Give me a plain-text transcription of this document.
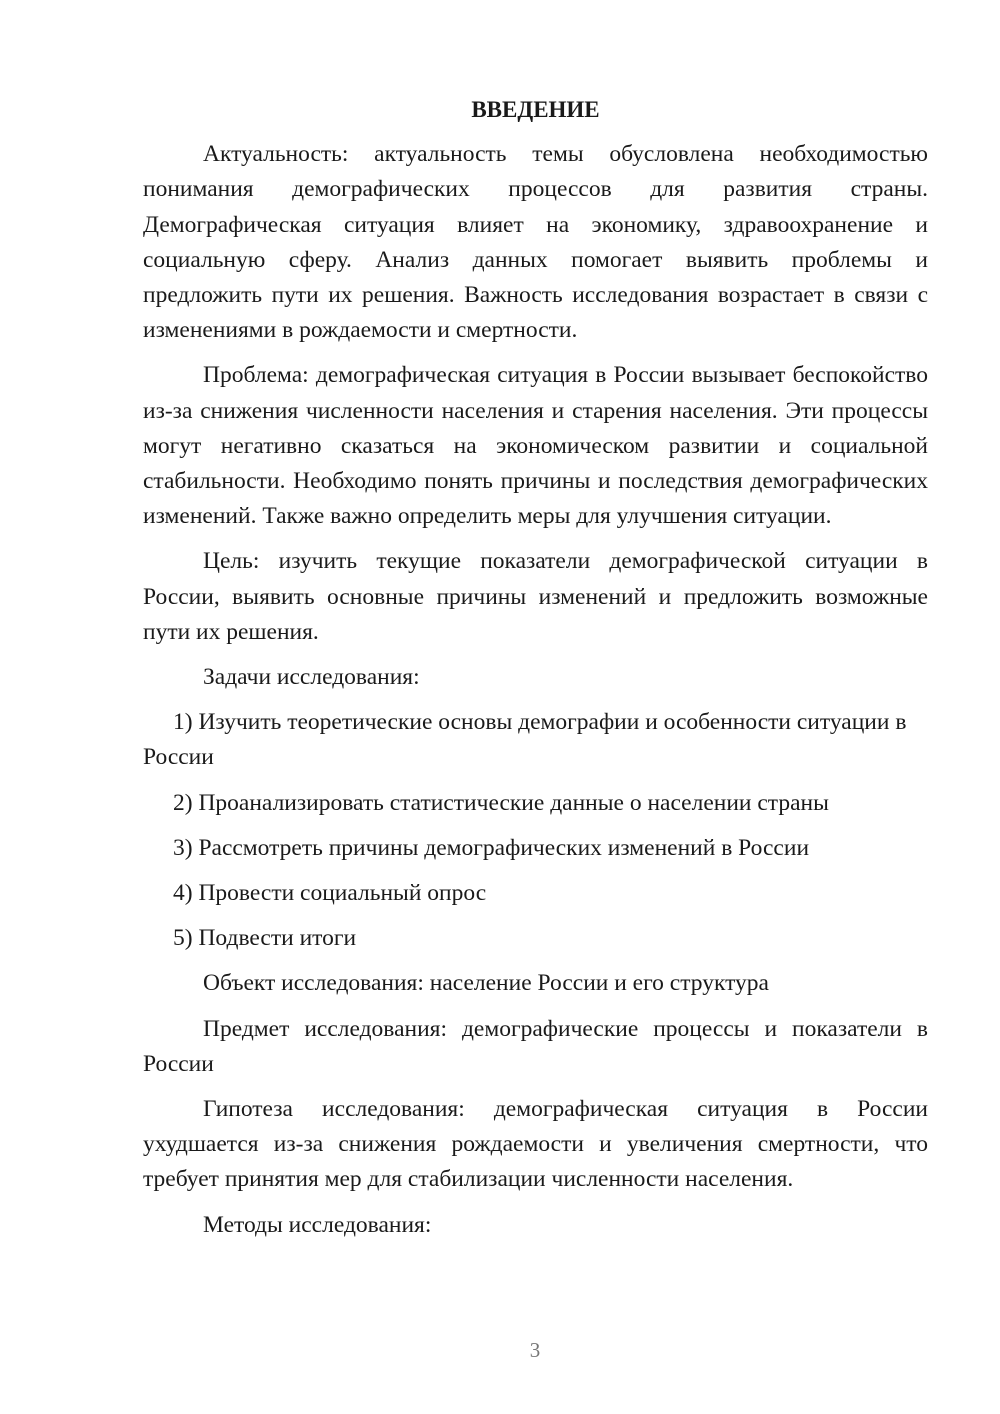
ВВЕДЕНИЕ

Актуальность: актуальность темы обусловлена необходимостью понимания демографических процессов для развития страны. Демографическая ситуация влияет на экономику, здравоохранение и социальную сферу. Анализ данных помогает выявить проблемы и предложить пути их решения. Важность исследования возрастает в связи с изменениями в рождаемости и смертности.

Проблема: демографическая ситуация в России вызывает беспокойство из-за снижения численности населения и старения населения. Эти процессы могут негативно сказаться на экономическом развитии и социальной стабильности. Необходимо понять причины и последствия демографических изменений. Также важно определить меры для улучшения ситуации.

Цель: изучить текущие показатели демографической ситуации в России, выявить основные причины изменений и предложить возможные пути их решения.

Задачи исследования:

1) Изучить теоретические основы демографии и особенности ситуации в России

2) Проанализировать статистические данные о населении страны

3) Рассмотреть причины демографических изменений в России

4) Провести социальный опрос

5) Подвести итоги

Объект исследования: население России и его структура

Предмет исследования: демографические процессы и показатели в России

Гипотеза исследования: демографическая ситуация в России ухудшается из-за снижения рождаемости и увеличения смертности, что требует принятия мер для стабилизации численности населения.

Методы исследования:

3
